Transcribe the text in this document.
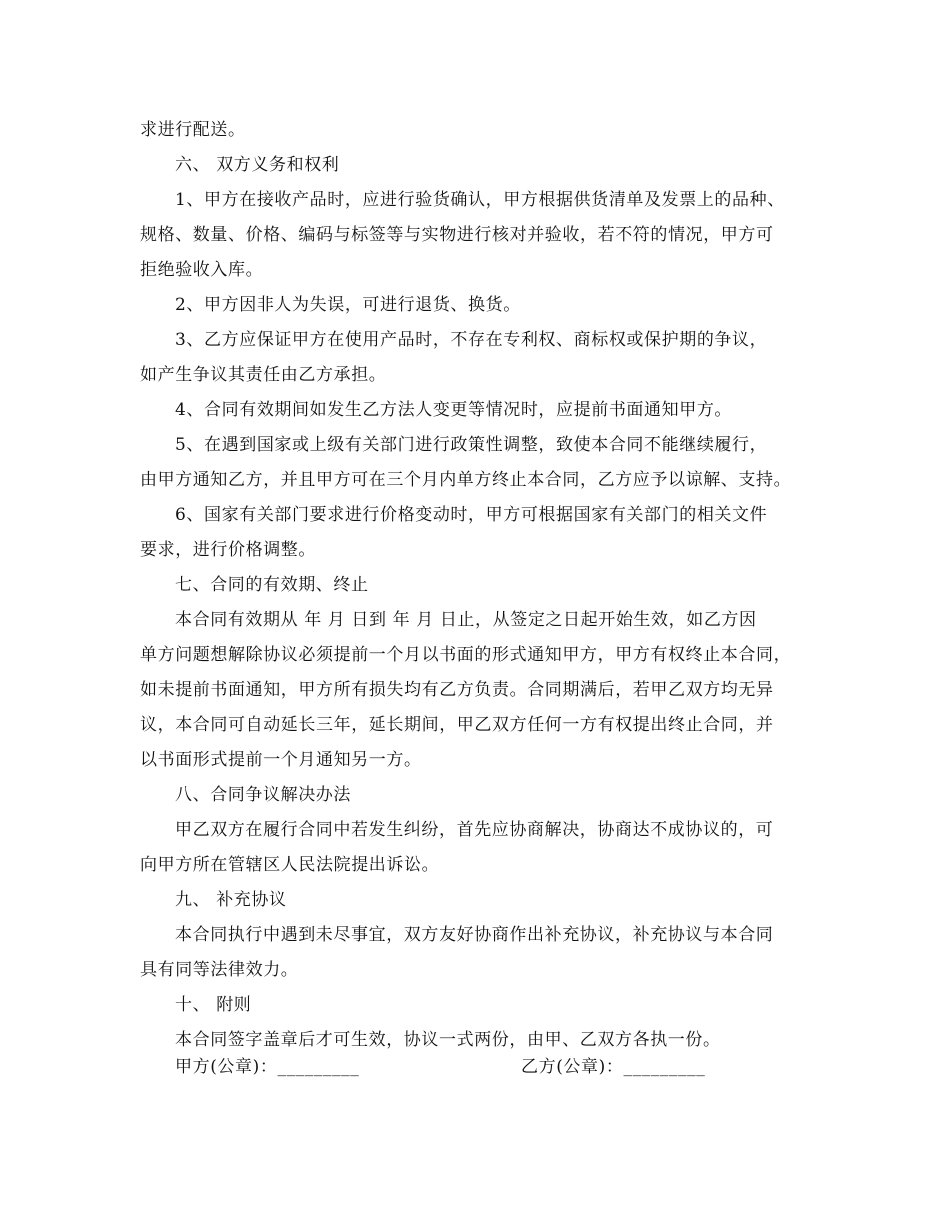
求进行配送。
六、 双方义务和权利
1、甲方在接收产品时，应进行验货确认，甲方根据供货清单及发票上的品种、
规格、数量、价格、编码与标签等与实物进行核对并验收，若不符的情况，甲方可
拒绝验收入库。
2、甲方因非人为失误，可进行退货、换货。
3、乙方应保证甲方在使用产品时，不存在专利权、商标权或保护期的争议，
如产生争议其责任由乙方承担。
4、合同有效期间如发生乙方法人变更等情况时，应提前书面通知甲方。
5、在遇到国家或上级有关部门进行政策性调整，致使本合同不能继续履行，
由甲方通知乙方，并且甲方可在三个月内单方终止本合同，乙方应予以谅解、支持。
6、国家有关部门要求进行价格变动时，甲方可根据国家有关部门的相关文件
要求，进行价格调整。
七、合同的有效期、终止
本合同有效期从 年 月 日到 年 月 日止，从签定之日起开始生效，如乙方因
单方问题想解除协议必须提前一个月以书面的形式通知甲方，甲方有权终止本合同，
如未提前书面通知，甲方所有损失均有乙方负责。合同期满后，若甲乙双方均无异
议，本合同可自动延长三年，延长期间，甲乙双方任何一方有权提出终止合同，并
以书面形式提前一个月通知另一方。
八、合同争议解决办法
甲乙双方在履行合同中若发生纠纷，首先应协商解决，协商达不成协议的，可
向甲方所在管辖区人民法院提出诉讼。
九、 补充协议
本合同执行中遇到未尽事宜，双方友好协商作出补充协议，补充协议与本合同
具有同等法律效力。
十、 附则
本合同签字盖章后才可生效，协议一式两份，由甲、乙双方各执一份。
甲方(公章)：_________	乙方(公章)：_________
